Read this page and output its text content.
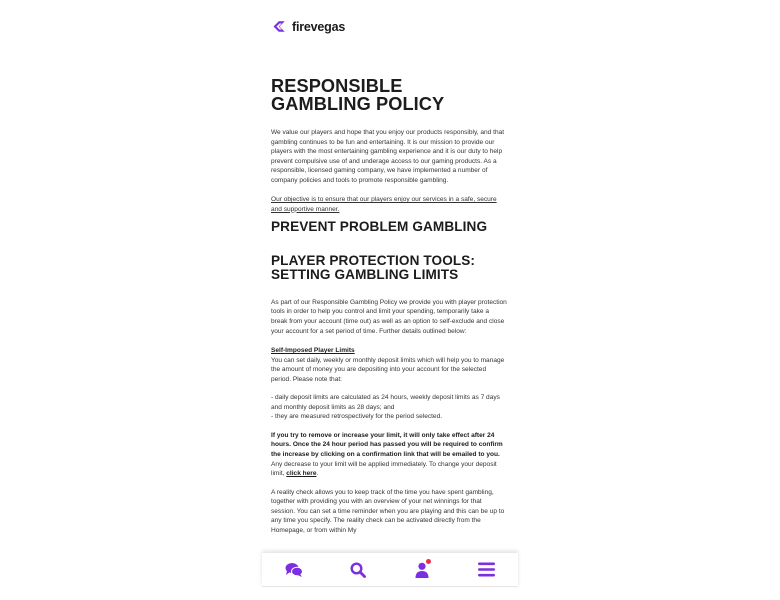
firevegas
RESPONSIBLE GAMBLING POLICY

We value our players and hope that you enjoy our products responsibly, and that gambling continues to be fun and entertaining. It is our mission to provide our players with the most entertaining gambling experience and it is our duty to help prevent compulsive use of and underage access to our gaming products. As a responsible, licensed gaming company, we have implemented a number of company policies and tools to promote responsible gambling.

Our objective is to ensure that our players enjoy our services in a safe, secure and supportive manner.

PREVENT PROBLEM GAMBLING
PLAYER PROTECTION TOOLS: SETTING GAMBLING LIMITS

As part of our Responsible Gambling Policy we provide you with player protection tools in order to help you control and limit your spending, temporarily take a break from your account (time out) as well as an option to self-exclude and close your account for a set period of time. Further details outlined below:

Self-Imposed Player Limits

You can set daily, weekly or monthly deposit limits which will help you to manage the amount of money you are depositing into your account for the selected period. Please note that:

- daily deposit limits are calculated as 24 hours, weekly deposit limits as 7 days and monthly deposit limits as 28 days; and

- they are measured retrospectively for the period selected.

If you try to remove or increase your limit, it will only take effect after 24 hours. Once the 24 hour period has passed you will be required to confirm the increase by clicking on a confirmation link that will be emailed to you. Any decrease to your limit will be applied immediately. To change your deposit limit, click here.

A reality check allows you to keep track of the time you have spent gambling, together with providing you with an overview of your net winnings for that session. You can set a time reminder when you are playing and this can be up to any time you specify. The reality check can be activated directly from the Homepage, or from within My
